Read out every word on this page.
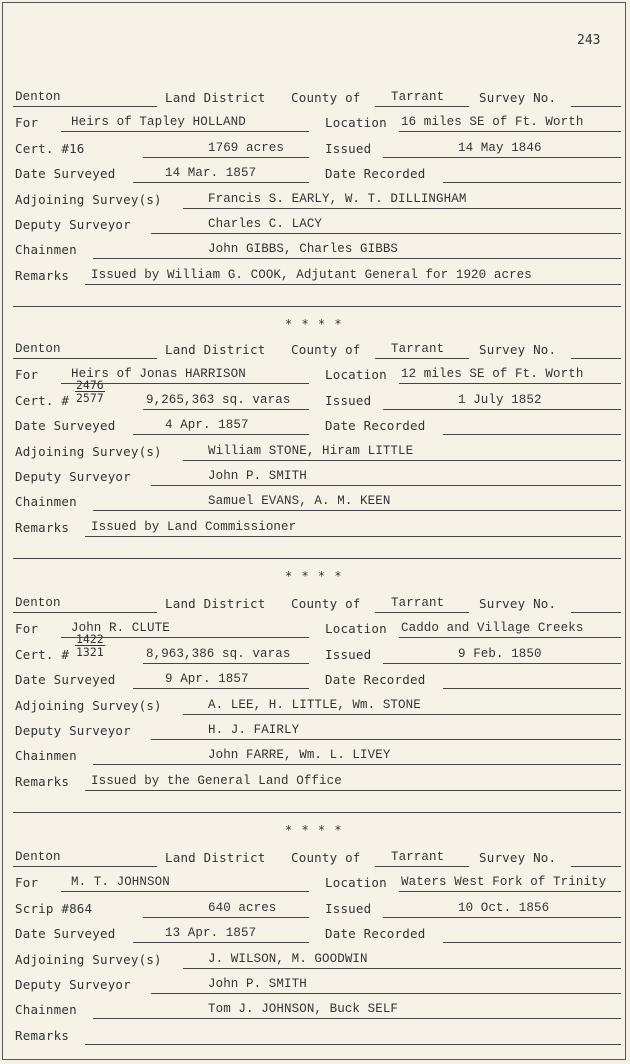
243
Denton	Land District County of Tarrant	Survey No.
For	Heirs of Tapley HOLLAND	Location 16 miles SE of Ft. Worth
Cert. #16	1769 acres	Issued	14 May 1846
Date Surveyed	14 Mar. 1857	Date Recorded
Adjoining Survey(s)	Francis S. EARLY, W. T. DILLINGHAM
Deputy Surveyor	Charles C. LACY
Chainmen	John GIBBS, Charles GIBBS
Remarks Issued by William G. COOK, Adjutant General for 1920 acres
* * * *
Denton	Land District County of Tarrant	Survey No.
For	Heirs of Jonas HARRISON	Location 12 miles SE of Ft. Worth
Cert. # $\frac{2476}{2577}$	9,265,363 sq. varas	Issued	1 July 1852
Date Surveyed	4 Apr. 1857	Date Recorded
Adjoining Survey(s)	William STONE, Hiram LITTLE
Deputy Surveyor	John P. SMITH
Chainmen	Samuel EVANS, A. M. KEEN
Remarks Issued by Land Commissioner
* * * *
Denton	Land District County of Tarrant	Survey No.
For	John R. CLUTE	Location Caddo and Village Creeks
Cert. # $\frac{1422}{1321}$	8,963,386 sq. varas	Issued	9 Feb. 1850
Date Surveyed	9 Apr. 1857	Date Recorded
Adjoining Survey(s)	A. LEE, H. LITTLE, Wm. STONE
Deputy Surveyor	H. J. FAIRLY
Chainmen	John FARRE, Wm. L. LIVEY
Remarks Issued by the General Land Office
* * * *
Denton	Land District County of Tarrant	Survey No.
For	M. T. JOHNSON	Location Waters West Fork of Trinity
Scrip #864	640 acres	Issued	10 Oct. 1856
Date Surveyed	13 Apr. 1857	Date Recorded
Adjoining Survey(s)	J. WILSON, M. GOODWIN
Deputy Surveyor	John P. SMITH
Chainmen	Tom J. JOHNSON, Buck SELF
Remarks
